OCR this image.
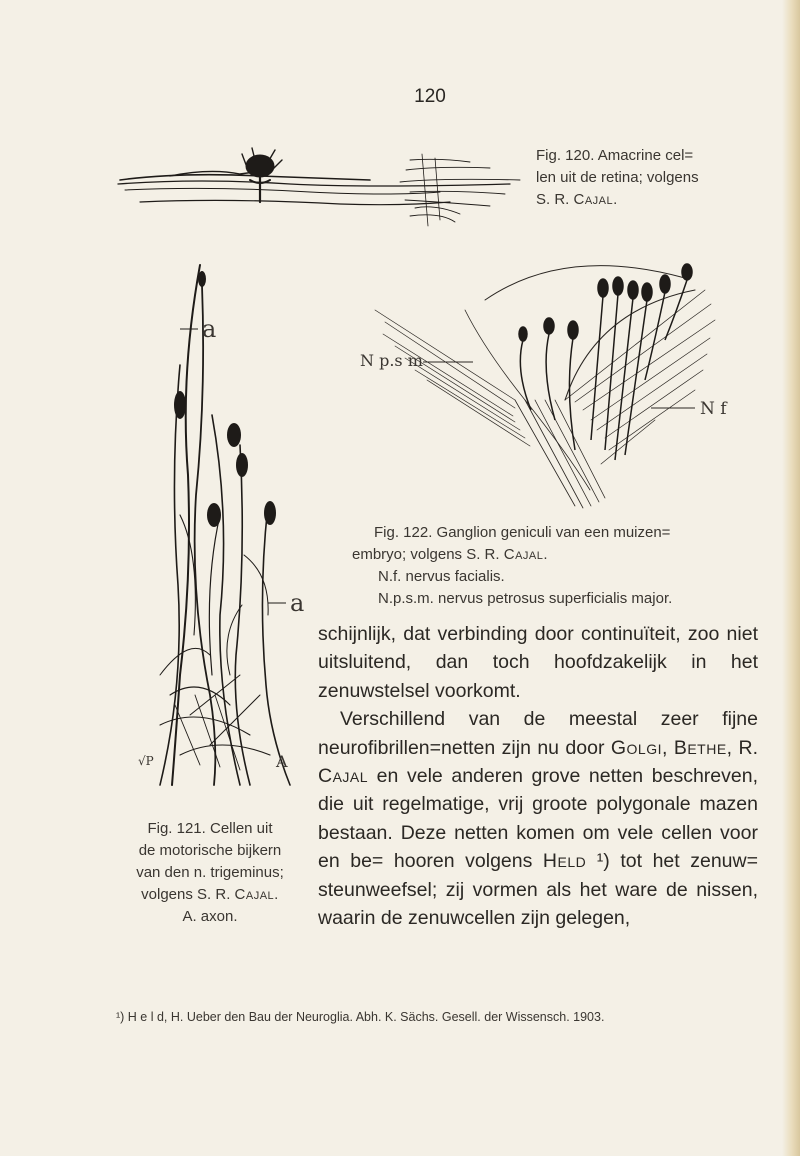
120
Fig. 120. Amacrine cel=
len uit de retina; volgens
S. R. Cajal.
N p.s m
N f
Fig. 122. Ganglion geniculi van een muizen=
embryo; volgens S. R. Cajal.
N.f. nervus facialis.
N.p.s.m. nervus petrosus superficialis major.
a
a
√P	A
Fig. 121. Cellen uit
de motorische bijkern
van den n. trigeminus;
volgens S. R. Cajal.
A. axon.

schijnlijk, dat verbinding door continuïteit, zoo niet uitsluitend, dan toch hoofdzakelijk in het zenuwstelsel voorkomt.

Verschillend van de meestal zeer fijne neurofibrillen=netten zijn nu door Golgi, Bethe, R. Cajal en vele anderen grove netten beschreven, die uit regelmatige, vrij groote polygonale mazen bestaan. Deze netten komen om vele cellen voor en be= hooren volgens Held ¹) tot het zenuw= steunweefsel; zij vormen als het ware de nissen, waarin de zenuwcellen zijn gelegen,

¹) H e l d, H. Ueber den Bau der Neuroglia. Abh. K. Sächs. Gesell. der Wissensch. 1903.
